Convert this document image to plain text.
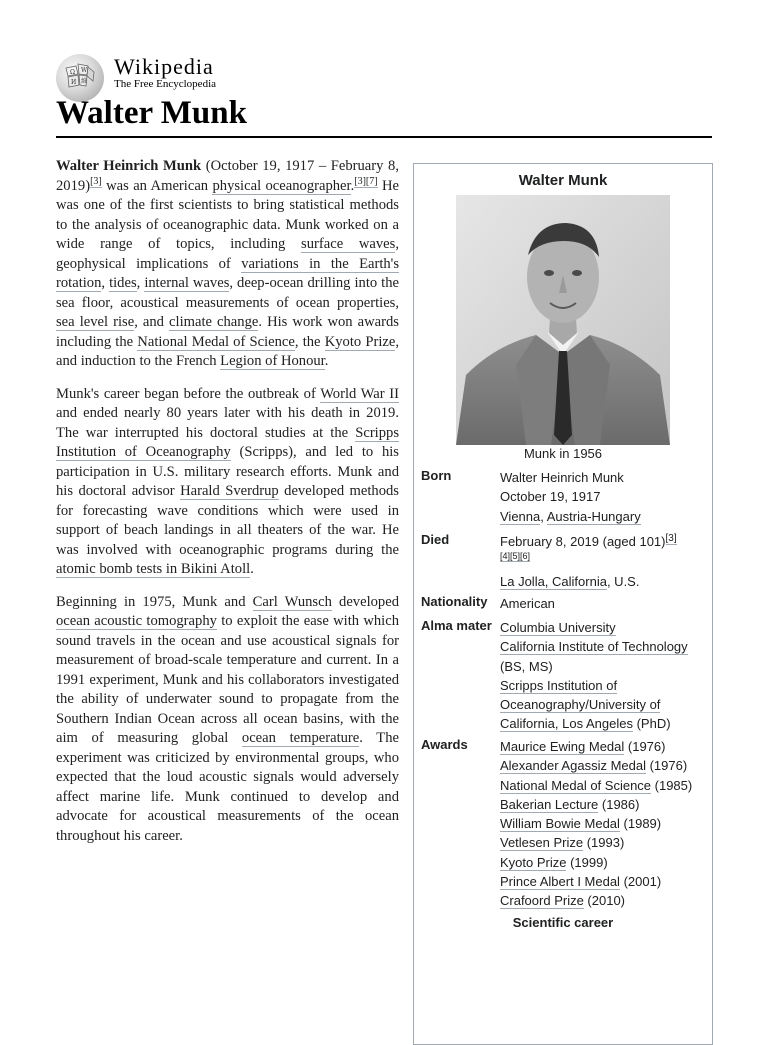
Ω W
И 維
Wikipedia
The Free Encyclopedia
Walter Munk

Walter Heinrich Munk (October 19, 1917 – February 8, 2019)[3] was an American physical oceanographer.[3][7] He was one of the first scientists to bring statistical methods to the analysis of oceanographic data. Munk worked on a wide range of topics, including surface waves, geophysical implications of variations in the Earth's rotation, tides, internal waves, deep-ocean drilling into the sea floor, acoustical measurements of ocean properties, sea level rise, and climate change. His work won awards including the National Medal of Science, the Kyoto Prize, and induction to the French Legion of Honour.

Munk's career began before the outbreak of World War II and ended nearly 80 years later with his death in 2019. The war interrupted his doctoral studies at the Scripps Institution of Oceanography (Scripps), and led to his participation in U.S. military research efforts. Munk and his doctoral advisor Harald Sverdrup developed methods for forecasting wave conditions which were used in support of beach landings in all theaters of the war. He was involved with oceanographic programs during the atomic bomb tests in Bikini Atoll.

Beginning in 1975, Munk and Carl Wunsch developed ocean acoustic tomography to exploit the ease with which sound travels in the ocean and use acoustical signals for measurement of broad-scale temperature and current. In a 1991 experiment, Munk and his collaborators investigated the ability of underwater sound to propagate from the Southern Indian Ocean across all ocean basins, with the aim of measuring global ocean temperature. The experiment was criticized by environmental groups, who expected that the loud acoustic signals would adversely affect marine life. Munk continued to develop and advocate for acoustical measurements of the ocean throughout his career.

Walter Munk
Munk in 1956
Born	Walter Heinrich Munk
October 19, 1917
Vienna, Austria-Hungary
Died	February 8, 2019 (aged 101)[3]
[4][5][6]
La Jolla, California, U.S.
Nationality American
Alma mater Columbia University
California Institute of Technology
(BS, MS)
Scripps Institution of Oceanography/University of California, Los Angeles (PhD)
Awards	Maurice Ewing Medal (1976)
Alexander Agassiz Medal (1976)
National Medal of Science (1985)
Bakerian Lecture (1986)
William Bowie Medal (1989)
Vetlesen Prize (1993)
Kyoto Prize (1999)
Prince Albert I Medal (2001)
Crafoord Prize (2010)
Scientific career
